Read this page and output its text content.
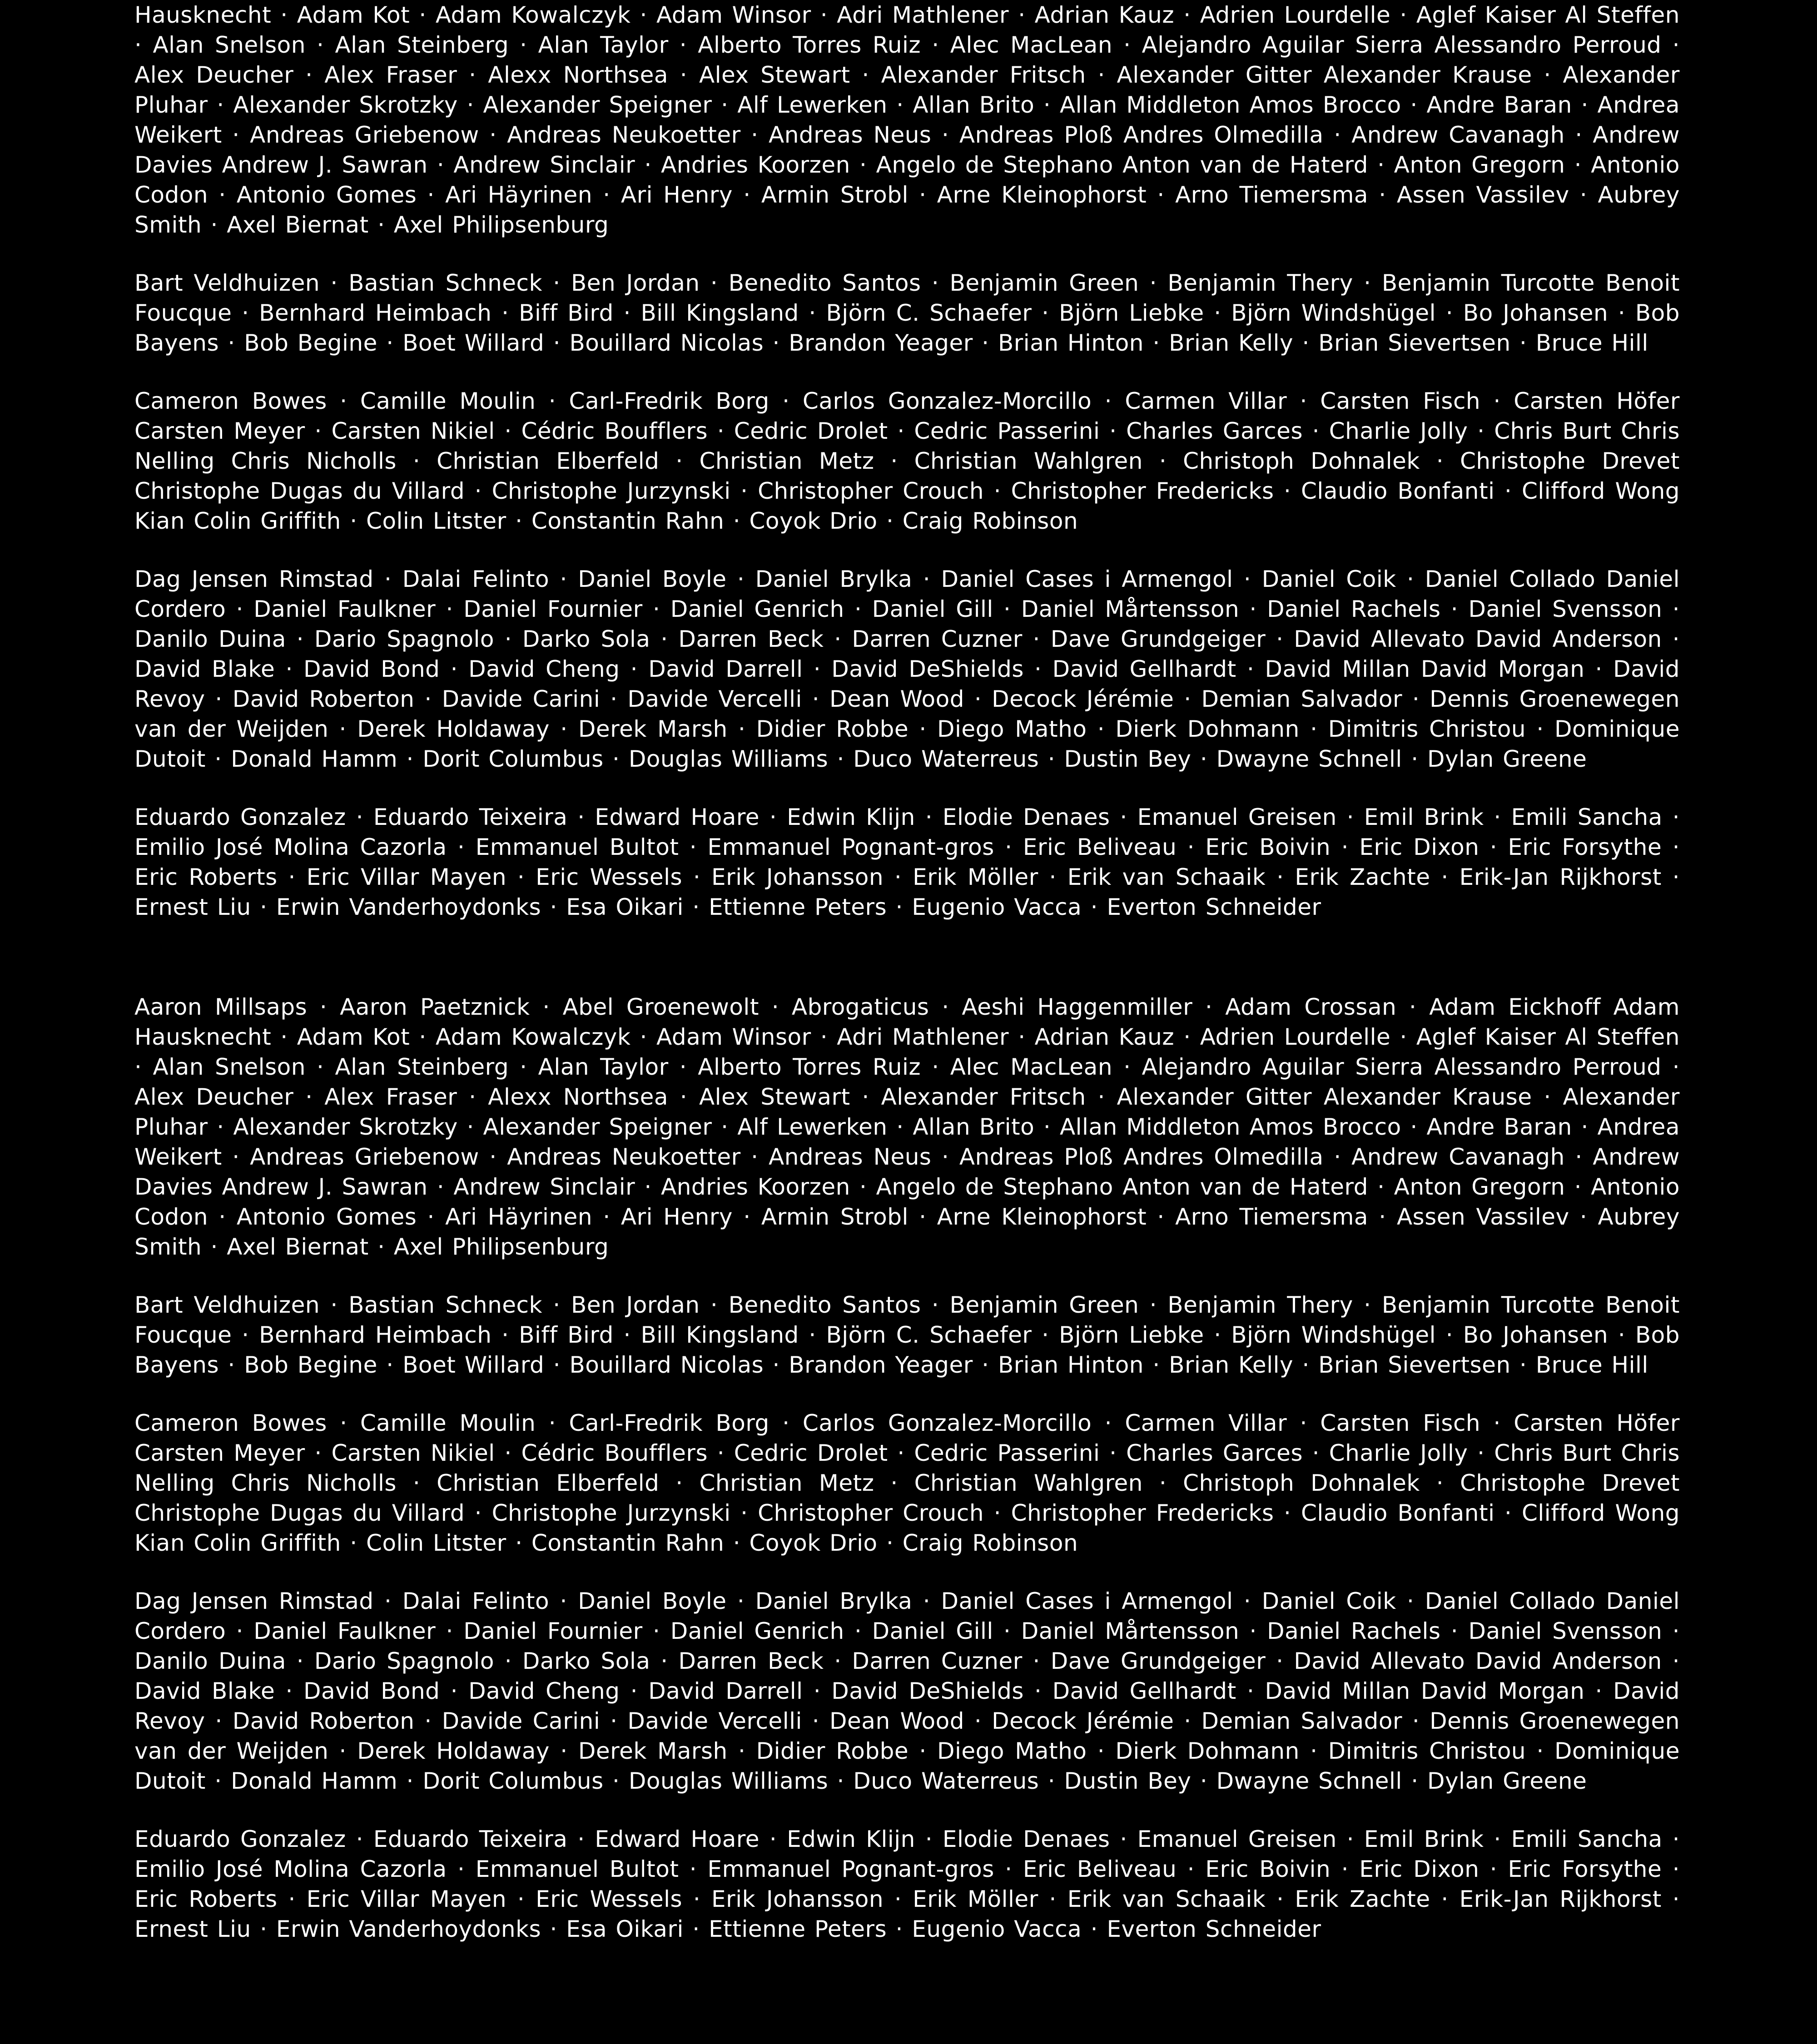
Hausknecht · Adam Kot · Adam Kowalczyk · Adam Winsor · Adri Mathlener · Adrian Kauz · Adrien Lourdelle · Aglef Kaiser Al Steffen · Alan Snelson · Alan Steinberg · Alan Taylor · Alberto Torres Ruiz · Alec MacLean · Alejandro Aguilar Sierra Alessandro Perroud · Alex Deucher · Alex Fraser · Alexx Northsea · Alex Stewart · Alexander Fritsch · Alexander Gitter Alexander Krause · Alexander Pluhar · Alexander Skrotzky · Alexander Speigner · Alf Lewerken · Allan Brito · Allan Middleton Amos Brocco · Andre Baran · Andrea Weikert · Andreas Griebenow · Andreas Neukoetter · Andreas Neus · Andreas Ploß Andres Olmedilla · Andrew Cavanagh · Andrew Davies Andrew J. Sawran · Andrew Sinclair · Andries Koorzen · Angelo de Stephano Anton van de Haterd · Anton Gregorn · Antonio Codon · Antonio Gomes · Ari Häyrinen · Ari Henry · Armin Strobl · Arne Kleinophorst · Arno Tiemersma · Assen Vassilev · Aubrey Smith · Axel Biernat · Axel Philipsenburg

Bart Veldhuizen · Bastian Schneck · Ben Jordan · Benedito Santos · Benjamin Green · Benjamin Thery · Benjamin Turcotte Benoit Foucque · Bernhard Heimbach · Biff Bird · Bill Kingsland · Björn C. Schaefer · Björn Liebke · Björn Windshügel · Bo Johansen · Bob Bayens · Bob Begine · Boet Willard · Bouillard Nicolas · Brandon Yeager · Brian Hinton · Brian Kelly · Brian Sievertsen · Bruce Hill

Cameron Bowes · Camille Moulin · Carl-Fredrik Borg · Carlos Gonzalez-Morcillo · Carmen Villar · Carsten Fisch · Carsten Höfer Carsten Meyer · Carsten Nikiel · Cédric Boufflers · Cedric Drolet · Cedric Passerini · Charles Garces · Charlie Jolly · Chris Burt Chris Nelling Chris Nicholls · Christian Elberfeld · Christian Metz · Christian Wahlgren · Christoph Dohnalek · Christophe Drevet Christophe Dugas du Villard · Christophe Jurzynski · Christopher Crouch · Christopher Fredericks · Claudio Bonfanti · Clifford Wong Kian Colin Griffith · Colin Litster · Constantin Rahn · Coyok Drio · Craig Robinson

Dag Jensen Rimstad · Dalai Felinto · Daniel Boyle · Daniel Brylka · Daniel Cases i Armengol · Daniel Coik · Daniel Collado Daniel Cordero · Daniel Faulkner · Daniel Fournier · Daniel Genrich · Daniel Gill · Daniel Mårtensson · Daniel Rachels · Daniel Svensson · Danilo Duina · Dario Spagnolo · Darko Sola · Darren Beck · Darren Cuzner · Dave Grundgeiger · David Allevato David Anderson · David Blake · David Bond · David Cheng · David Darrell · David DeShields · David Gellhardt · David Millan David Morgan · David Revoy · David Roberton · Davide Carini · Davide Vercelli · Dean Wood · Decock Jérémie · Demian Salvador · Dennis Groenewegen van der Weijden · Derek Holdaway · Derek Marsh · Didier Robbe · Diego Matho · Dierk Dohmann · Dimitris Christou · Dominique Dutoit · Donald Hamm · Dorit Columbus · Douglas Williams · Duco Waterreus · Dustin Bey · Dwayne Schnell · Dylan Greene

Eduardo Gonzalez · Eduardo Teixeira · Edward Hoare · Edwin Klijn · Elodie Denaes · Emanuel Greisen · Emil Brink · Emili Sancha · Emilio José Molina Cazorla · Emmanuel Bultot · Emmanuel Pognant-gros · Eric Beliveau · Eric Boivin · Eric Dixon · Eric Forsythe · Eric Roberts · Eric Villar Mayen · Eric Wessels · Erik Johansson · Erik Möller · Erik van Schaaik · Erik Zachte · Erik-Jan Rijkhorst · Ernest Liu · Erwin Vanderhoydonks · Esa Oikari · Ettienne Peters · Eugenio Vacca · Everton Schneider

Aaron Millsaps · Aaron Paetznick · Abel Groenewolt · Abrogaticus · Aeshi Haggenmiller · Adam Crossan · Adam Eickhoff Adam Hausknecht · Adam Kot · Adam Kowalczyk · Adam Winsor · Adri Mathlener · Adrian Kauz · Adrien Lourdelle · Aglef Kaiser Al Steffen · Alan Snelson · Alan Steinberg · Alan Taylor · Alberto Torres Ruiz · Alec MacLean · Alejandro Aguilar Sierra Alessandro Perroud · Alex Deucher · Alex Fraser · Alexx Northsea · Alex Stewart · Alexander Fritsch · Alexander Gitter Alexander Krause · Alexander Pluhar · Alexander Skrotzky · Alexander Speigner · Alf Lewerken · Allan Brito · Allan Middleton Amos Brocco · Andre Baran · Andrea Weikert · Andreas Griebenow · Andreas Neukoetter · Andreas Neus · Andreas Ploß Andres Olmedilla · Andrew Cavanagh · Andrew Davies Andrew J. Sawran · Andrew Sinclair · Andries Koorzen · Angelo de Stephano Anton van de Haterd · Anton Gregorn · Antonio Codon · Antonio Gomes · Ari Häyrinen · Ari Henry · Armin Strobl · Arne Kleinophorst · Arno Tiemersma · Assen Vassilev · Aubrey Smith · Axel Biernat · Axel Philipsenburg

Bart Veldhuizen · Bastian Schneck · Ben Jordan · Benedito Santos · Benjamin Green · Benjamin Thery · Benjamin Turcotte Benoit Foucque · Bernhard Heimbach · Biff Bird · Bill Kingsland · Björn C. Schaefer · Björn Liebke · Björn Windshügel · Bo Johansen · Bob Bayens · Bob Begine · Boet Willard · Bouillard Nicolas · Brandon Yeager · Brian Hinton · Brian Kelly · Brian Sievertsen · Bruce Hill

Cameron Bowes · Camille Moulin · Carl-Fredrik Borg · Carlos Gonzalez-Morcillo · Carmen Villar · Carsten Fisch · Carsten Höfer Carsten Meyer · Carsten Nikiel · Cédric Boufflers · Cedric Drolet · Cedric Passerini · Charles Garces · Charlie Jolly · Chris Burt Chris Nelling Chris Nicholls · Christian Elberfeld · Christian Metz · Christian Wahlgren · Christoph Dohnalek · Christophe Drevet Christophe Dugas du Villard · Christophe Jurzynski · Christopher Crouch · Christopher Fredericks · Claudio Bonfanti · Clifford Wong Kian Colin Griffith · Colin Litster · Constantin Rahn · Coyok Drio · Craig Robinson

Dag Jensen Rimstad · Dalai Felinto · Daniel Boyle · Daniel Brylka · Daniel Cases i Armengol · Daniel Coik · Daniel Collado Daniel Cordero · Daniel Faulkner · Daniel Fournier · Daniel Genrich · Daniel Gill · Daniel Mårtensson · Daniel Rachels · Daniel Svensson · Danilo Duina · Dario Spagnolo · Darko Sola · Darren Beck · Darren Cuzner · Dave Grundgeiger · David Allevato David Anderson · David Blake · David Bond · David Cheng · David Darrell · David DeShields · David Gellhardt · David Millan David Morgan · David Revoy · David Roberton · Davide Carini · Davide Vercelli · Dean Wood · Decock Jérémie · Demian Salvador · Dennis Groenewegen van der Weijden · Derek Holdaway · Derek Marsh · Didier Robbe · Diego Matho · Dierk Dohmann · Dimitris Christou · Dominique Dutoit · Donald Hamm · Dorit Columbus · Douglas Williams · Duco Waterreus · Dustin Bey · Dwayne Schnell · Dylan Greene

Eduardo Gonzalez · Eduardo Teixeira · Edward Hoare · Edwin Klijn · Elodie Denaes · Emanuel Greisen · Emil Brink · Emili Sancha · Emilio José Molina Cazorla · Emmanuel Bultot · Emmanuel Pognant-gros · Eric Beliveau · Eric Boivin · Eric Dixon · Eric Forsythe · Eric Roberts · Eric Villar Mayen · Eric Wessels · Erik Johansson · Erik Möller · Erik van Schaaik · Erik Zachte · Erik-Jan Rijkhorst · Ernest Liu · Erwin Vanderhoydonks · Esa Oikari · Ettienne Peters · Eugenio Vacca · Everton Schneider
